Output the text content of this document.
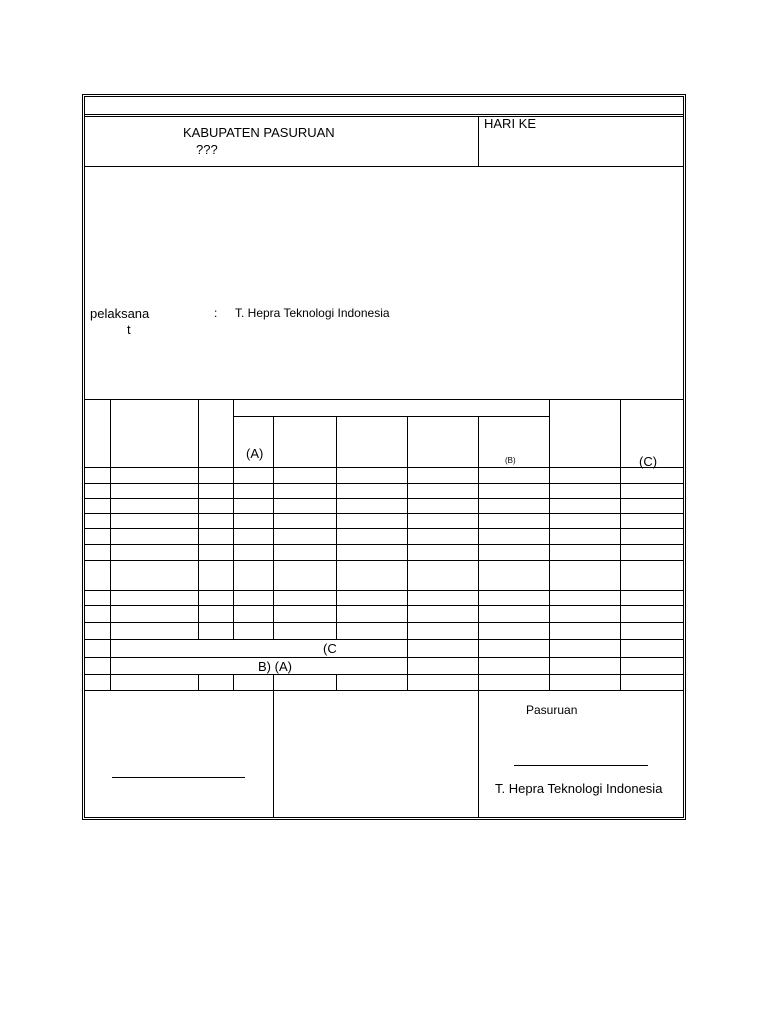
KABUPATEN PASURUAN
???
HARI KE
pelaksana
t
: T. Hepra Teknologi Indonesia
(A)	(B)	(C)
(C
B) (A)
Pasuruan
T. Hepra Teknologi Indonesia
